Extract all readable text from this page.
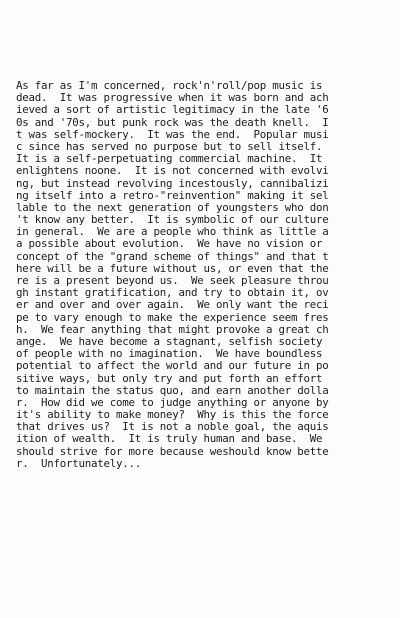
As far as I'm concerned, rock'n'roll/pop music is
dead.  It was progressive when it was born and ach
ieved a sort of artistic legitimacy in the late '6
0s and '70s, but punk rock was the death knell.  I
t was self-mockery.  It was the end.  Popular musi
c since has served no purpose but to sell itself.
It is a self-perpetuating commercial machine.  It
enlightens noone.  It is not concerned with evolvi
ng, but instead revolving incestously, cannibalizi
ng itself into a retro-"reinvention" making it sel
lable to the next generation of youngsters who don
't know any better.  It is symbolic of our culture
in general.  We are a people who think as little a
a possible about evolution.  We have no vision or
concept of the "grand scheme of things" and that t
here will be a future without us, or even that the
re is a present beyond us.  We seek pleasure throu
gh instant gratification, and try to obtain it, ov
er and over and over again.  We only want the reci
pe to vary enough to make the experience seem fres
h.  We fear anything that might provoke a great ch
ange.  We have become a stagnant, selfish society
of people with no imagination.  We have boundless
potential to affect the world and our future in po
sitive ways, but only try and put forth an effort
to maintain the status quo, and earn another dolla
r.  How did we come to judge anything or anyone by
it's ability to make money?  Why is this the force
that drives us?  It is not a noble goal, the aquis
ition of wealth.  It is truly human and base.  We
should strive for more because weshould know bette
r.  Unfortunately...
